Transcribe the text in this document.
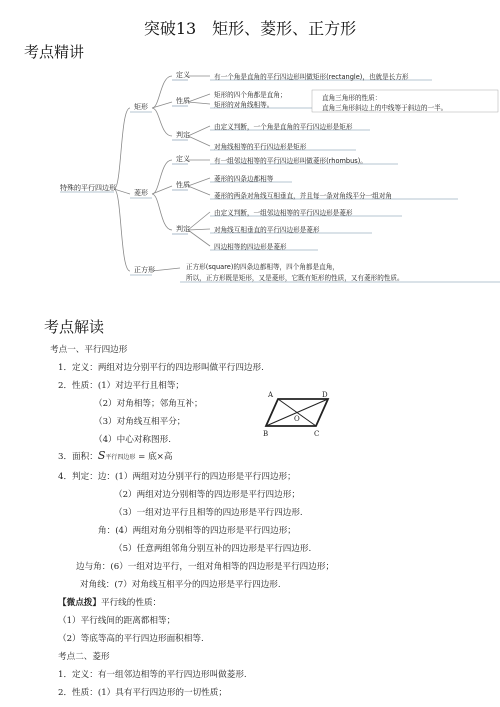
突破13　矩形、菱形、正方形
考点精讲
特殊的平行四边形
矩形
定义	有一个角是直角的平行四边形叫做矩形(rectangle)，也就是长方形
性质
矩形的四个角都是直角；
矩形的对角线相等。
直角三角形的性质：
直角三角形斜边上的中线等于斜边的一半。
判定
由定义判断，一个角是直角的平行四边形是矩形
对角线相等的平行四边形是矩形
菱形
定义	有一组邻边相等的平行四边形叫做菱形(rhombus)。
性质
菱形的四条边都相等
菱形的两条对角线互相垂直，并且每一条对角线平分一组对角
判定
由定义判断，一组邻边相等的平行四边形是菱形
对角线互相垂直的平行四边形是菱形
四边相等的四边形是菱形
正方形	正方形(square)的四条边都相等，四个角都是直角，
所以，正方形既是矩形，又是菱形，它既有矩形的性质，又有菱形的性质。
考点解读
考点一、平行四边形
1．定义：两组对边分别平行的四边形叫做平行四边形.
2．性质：(1）对边平行且相等；
（2）对角相等；邻角互补；
（3）对角线互相平分；
（4）中心对称图形.
A	D
B	C
O
3．面积：S平行四边形 = 底×高
4．判定：边：(1）两组对边分别平行的四边形是平行四边形；
（2）两组对边分别相等的四边形是平行四边形；
（3）一组对边平行且相等的四边形是平行四边形.
角：(4）两组对角分别相等的四边形是平行四边形；
（5）任意两组邻角分别互补的四边形是平行四边形.
边与角：(6）一组对边平行，一组对角相等的四边形是平行四边形；
对角线：(7）对角线互相平分的四边形是平行四边形.
【微点拨】平行线的性质：
（1）平行线间的距离都相等；
（2）等底等高的平行四边形面积相等.
考点二、菱形
1．定义：有一组邻边相等的平行四边形叫做菱形.
2．性质：(1）具有平行四边形的一切性质；
